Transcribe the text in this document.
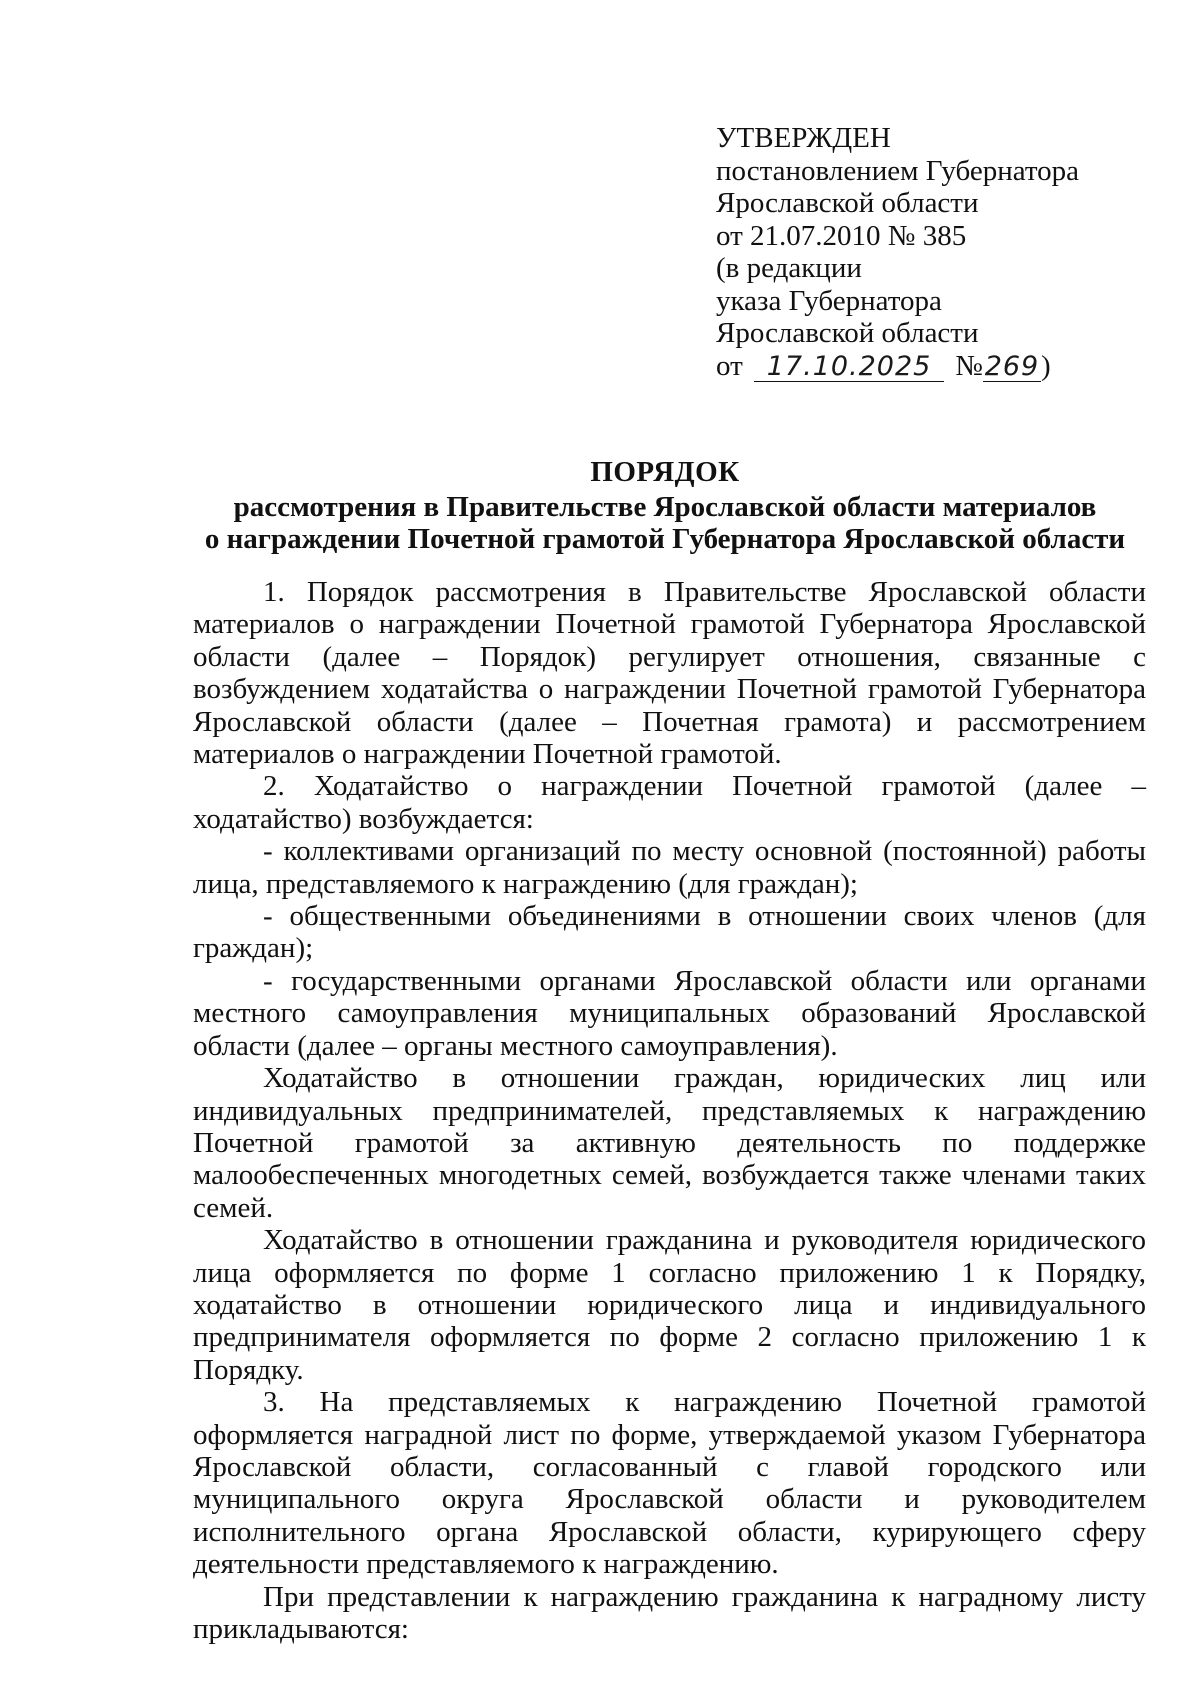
УТВЕРЖДЕН
постановлением Губернатора
Ярославской области
от 21.07.2010 № 385
(в редакции
указа Губернатора
Ярославской области
от 17.10.2025 №269)
ПОРЯДОК
рассмотрения в Правительстве Ярославской области материалов
о награждении Почетной грамотой Губернатора Ярославской области

1. Порядок рассмотрения в Правительстве Ярославской области материалов о награждении Почетной грамотой Губернатора Ярославской области (далее – Порядок) регулирует отношения, связанные с возбуждением ходатайства о награждении Почетной грамотой Губернатора Ярославской области (далее – Почетная грамота) и рассмотрением материалов о награждении Почетной грамотой.

2. Ходатайство о награждении Почетной грамотой (далее – ходатайство) возбуждается:

- коллективами организаций по месту основной (постоянной) работы лица, представляемого к награждению (для граждан);

- общественными объединениями в отношении своих членов (для граждан);

- государственными органами Ярославской области или органами местного самоуправления муниципальных образований Ярославской области (далее – органы местного самоуправления).

Ходатайство в отношении граждан, юридических лиц или индивидуальных предпринимателей, представляемых к награждению Почетной грамотой за активную деятельность по поддержке малообеспеченных многодетных семей, возбуждается также членами таких семей.

Ходатайство в отношении гражданина и руководителя юридического лица оформляется по форме 1 согласно приложению 1 к Порядку, ходатайство в отношении юридического лица и индивидуального предпринимателя оформляется по форме 2 согласно приложению 1 к Порядку.

3. На представляемых к награждению Почетной грамотой оформляется наградной лист по форме, утверждаемой указом Губернатора Ярославской области, согласованный с главой городского или муниципального округа Ярославской области и руководителем исполнительного органа Ярославской области, курирующего сферу деятельности представляемого к награждению.

При представлении к награждению гражданина к наградному листу прикладываются:
